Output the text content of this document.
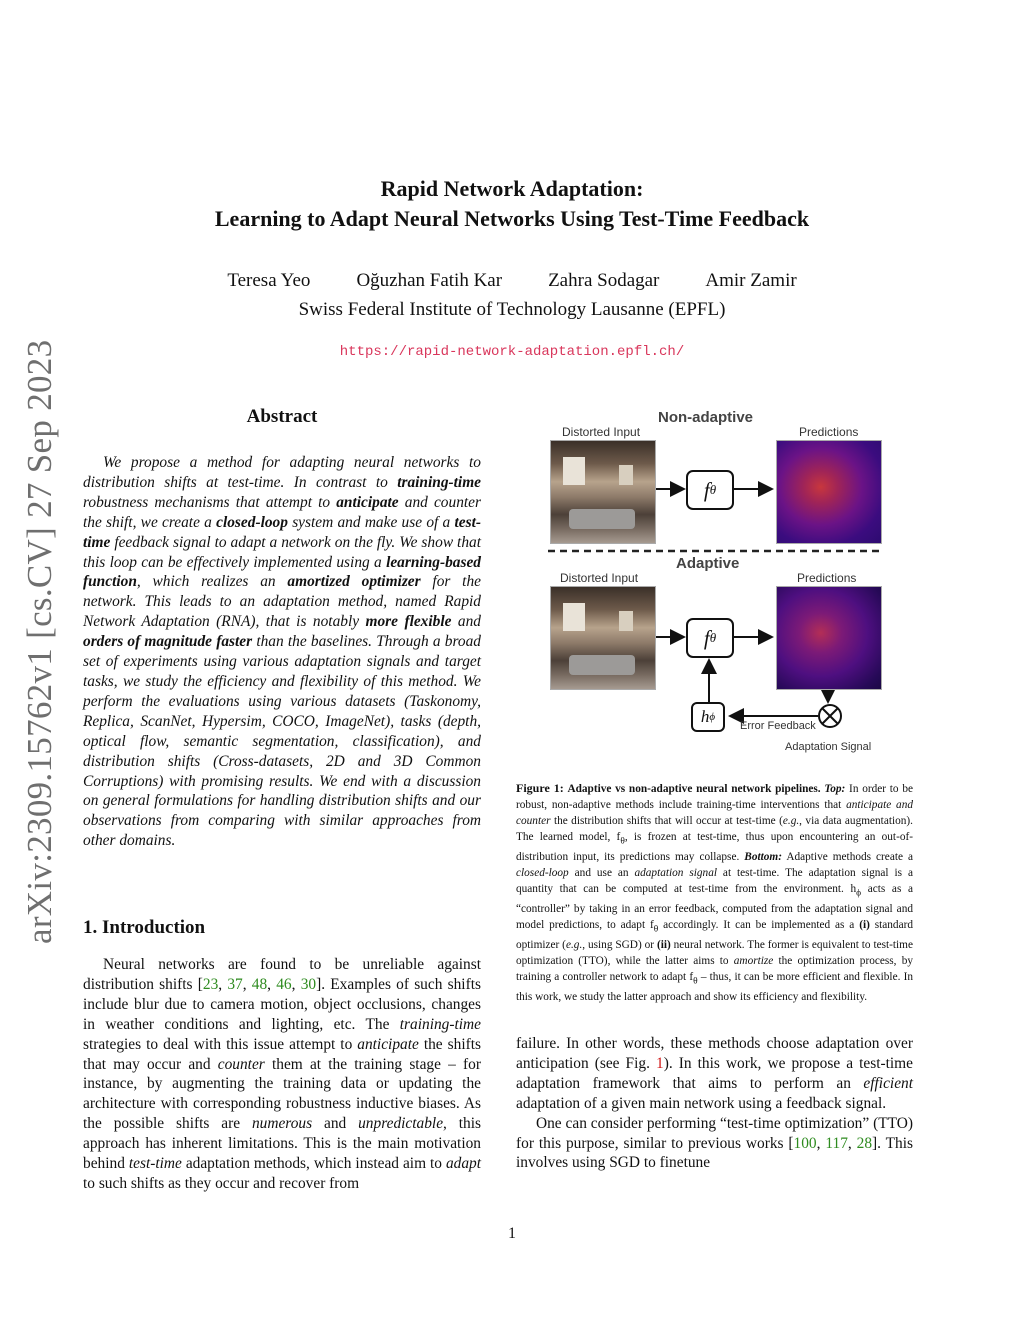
arXiv:2309.15762v1 [cs.CV] 27 Sep 2023
Rapid Network Adaptation:
Learning to Adapt Neural Networks Using Test-Time Feedback
Teresa Yeo Oğuzhan Fatih Kar Zahra Sodagar Amir Zamir
Swiss Federal Institute of Technology Lausanne (EPFL)
https://rapid-network-adaptation.epfl.ch/
Abstract

We propose a method for adapting neural networks to distribution shifts at test-time. In contrast to training-time robustness mechanisms that attempt to anticipate and counter the shift, we create a closed-loop system and make use of a test-time feedback signal to adapt a network on the fly. We show that this loop can be effectively implemented using a learning-based function, which realizes an amortized optimizer for the network. This leads to an adaptation method, named Rapid Network Adaptation (RNA), that is notably more flexible and orders of magnitude faster than the baselines. Through a broad set of experiments using various adaptation signals and target tasks, we study the efficiency and flexibility of this method. We perform the evaluations using various datasets (Taskonomy, Replica, ScanNet, Hypersim, COCO, ImageNet), tasks (depth, optical flow, semantic segmentation, classification), and distribution shifts (Cross-datasets, 2D and 3D Common Corruptions) with promising results. We end with a discussion on general formulations for handling distribution shifts and our observations from comparing with similar approaches from other domains.

1. Introduction

Neural networks are found to be unreliable against distribution shifts [23, 37, 48, 46, 30]. Examples of such shifts include blur due to camera motion, object occlusions, changes in weather conditions and lighting, etc. The training-time strategies to deal with this issue attempt to anticipate the shifts that may occur and counter them at the training stage – for instance, by augmenting the training data or updating the architecture with corresponding robustness inductive biases. As the possible shifts are numerous and unpredictable, this approach has inherent limitations. This is the main motivation behind test-time adaptation methods, which instead aim to adapt to such shifts as they occur and recover from

Non-adaptive
Distorted Input	Predictions
f θ
Adaptive
Distorted Input	Predictions
f θ
h ϕ
Error Feedback
Adaptation Signal

Figure 1: Adaptive vs non-adaptive neural network pipelines. Top: In order to be robust, non-adaptive methods include training-time interventions that anticipate and counter the distribution shifts that will occur at test-time (e.g., via data augmentation). The learned model, $f_\theta$, is frozen at test-time, thus upon encountering an out-of-distribution input, its predictions may collapse. Bottom: Adaptive methods create a closed-loop and use an adaptation signal at test-time. The adaptation signal is a quantity that can be computed at test-time from the environment. $h_\phi$ acts as a “controller” by taking in an error feedback, computed from the adaptation signal and model predictions, to adapt $f_\theta$ accordingly. It can be implemented as a (i) standard optimizer (e.g., using SGD) or (ii) neural network. The former is equivalent to test-time optimization (TTO), while the latter aims to amortize the optimization process, by training a controller network to adapt $f_\theta$ – thus, it can be more efficient and flexible. In this work, we study the latter approach and show its efficiency and flexibility.

failure. In other words, these methods choose adaptation over anticipation (see Fig. 1). In this work, we propose a test-time adaptation framework that aims to perform an efficient adaptation of a given main network using a feedback signal.

One can consider performing “test-time optimization” (TTO) for this purpose, similar to previous works [100, 117, 28]. This involves using SGD to finetune

1
